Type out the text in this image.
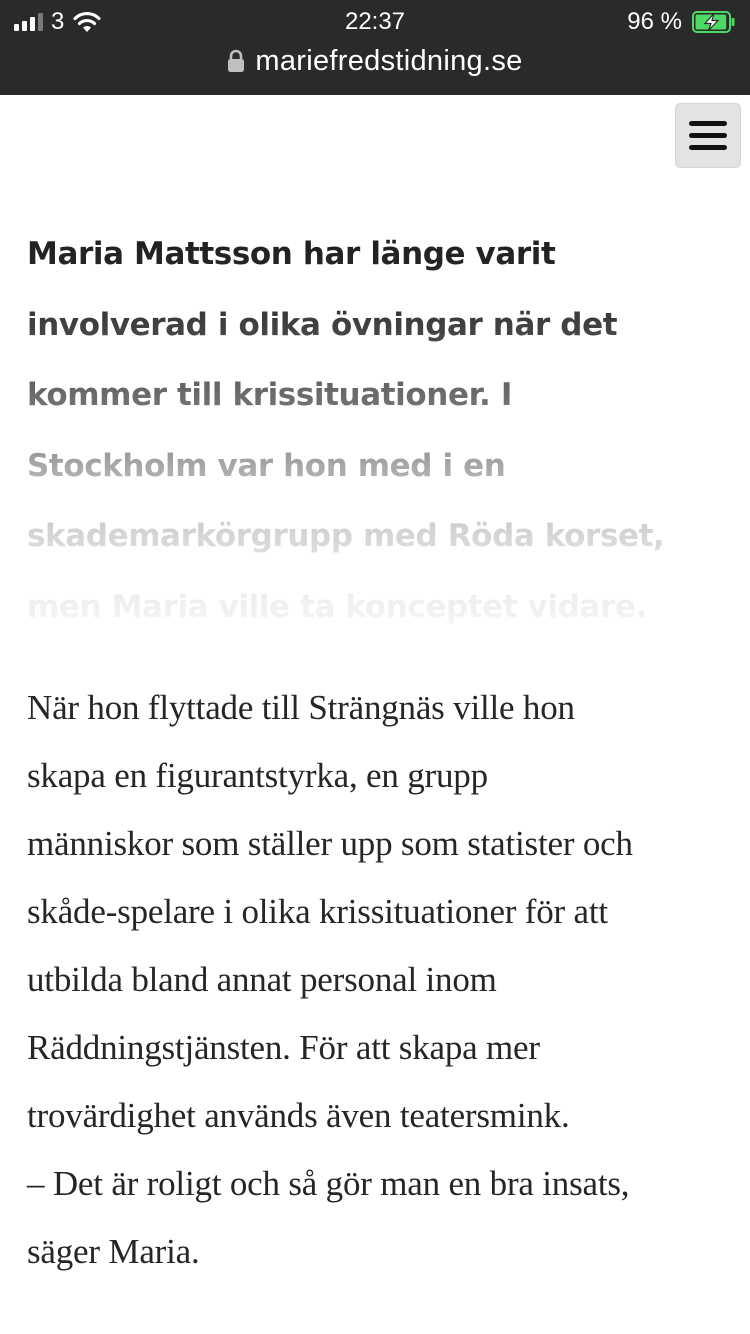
3	22:37	96 %
mariefredstidning.se

Maria Mattsson har länge varit
involverad i olika övningar när det
kommer till krissituationer. I
Stockholm var hon med i en
skademarkörgrupp med Röda korset,
men Maria ville ta konceptet vidare.

När hon flyttade till Strängnäs ville hon
skapa en figurantstyrka, en grupp
människor som ställer upp som statister och
skåde-spelare i olika krissituationer för att
utbilda bland annat personal inom
Räddningstjänsten. För att skapa mer
trovärdighet används även teatersmink.
– Det är roligt och så gör man en bra insats,
säger Maria.
